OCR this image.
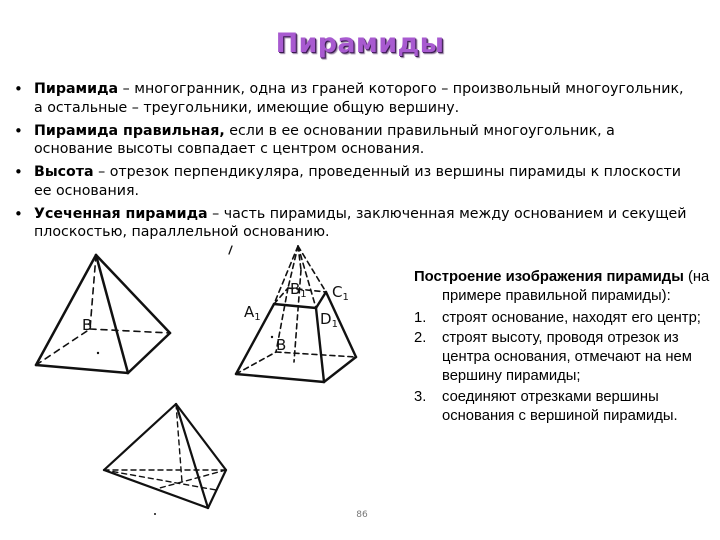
Пирамиды
• Пирамида – многогранник, одна из граней которого – произвольный многоугольник, а остальные – треугольники, имеющие общую вершину.
• Пирамида правильная, если в ее основании правильный многоугольник, а основание высоты совпадает с центром основания.
• Высота – отрезок перпендикуляра, проведенный из вершины пирамиды к плоскости ее основания.
• Усеченная пирамида – часть пирамиды, заключенная между основанием и секущей плоскостью, параллельной основанию.
B
$A_1$
$B_1$ $C_1$
$D_1$
B
Построение изображения пирамиды (на примере правильной пирамиды):
1. строят основание, находят его центр;
2. строят высоту, проводя отрезок из центра основания, отмечают на нем вершину пирамиды;
3. соединяют отрезками вершины основания с вершиной пирамиды.
86
